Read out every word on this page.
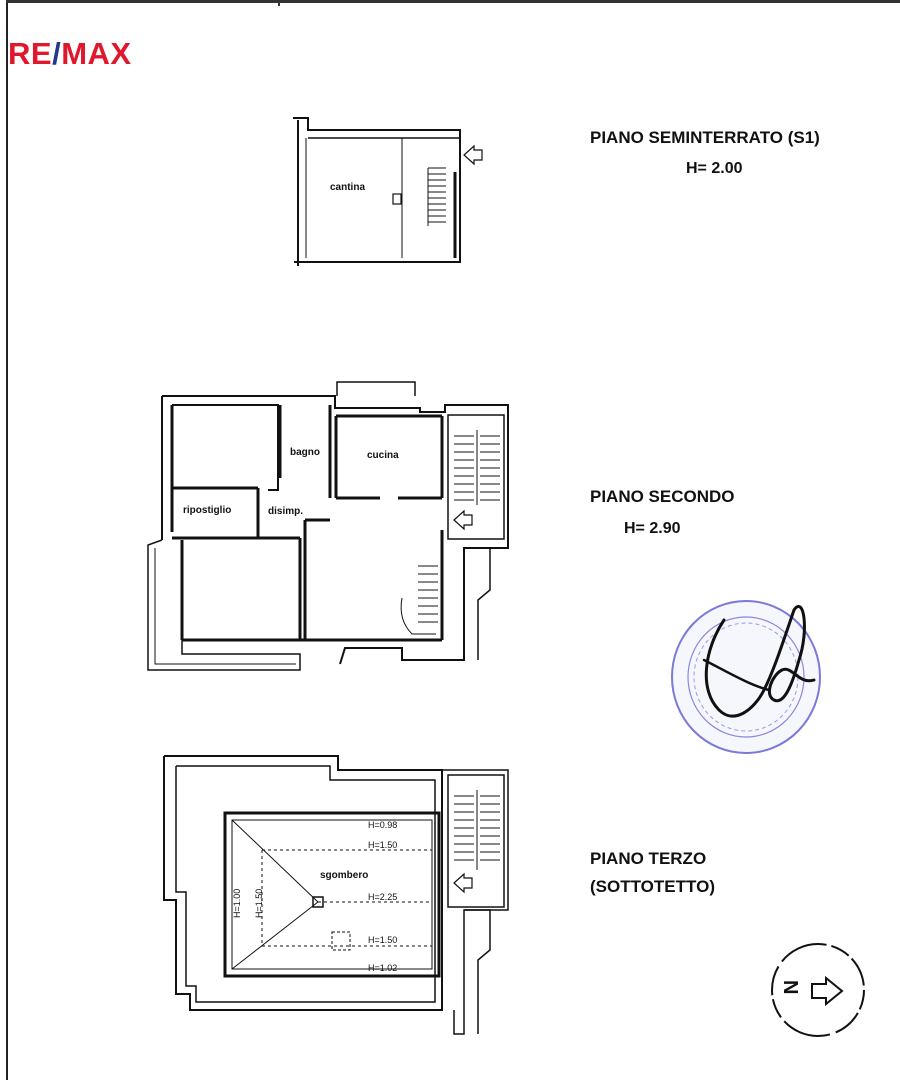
RE/MAX
PIANO SEMINTERRATO (S1)
H= 2.00
PIANO SECONDO
H= 2.90
PIANO TERZO
(SOTTOTETTO)
cantina
bagno	cucina
ripostiglio	disimp.
sgombero
H=0.98
H=1.50
H=2.25
H=1.50
H=1.02
H=1.00 H=1.50
N
